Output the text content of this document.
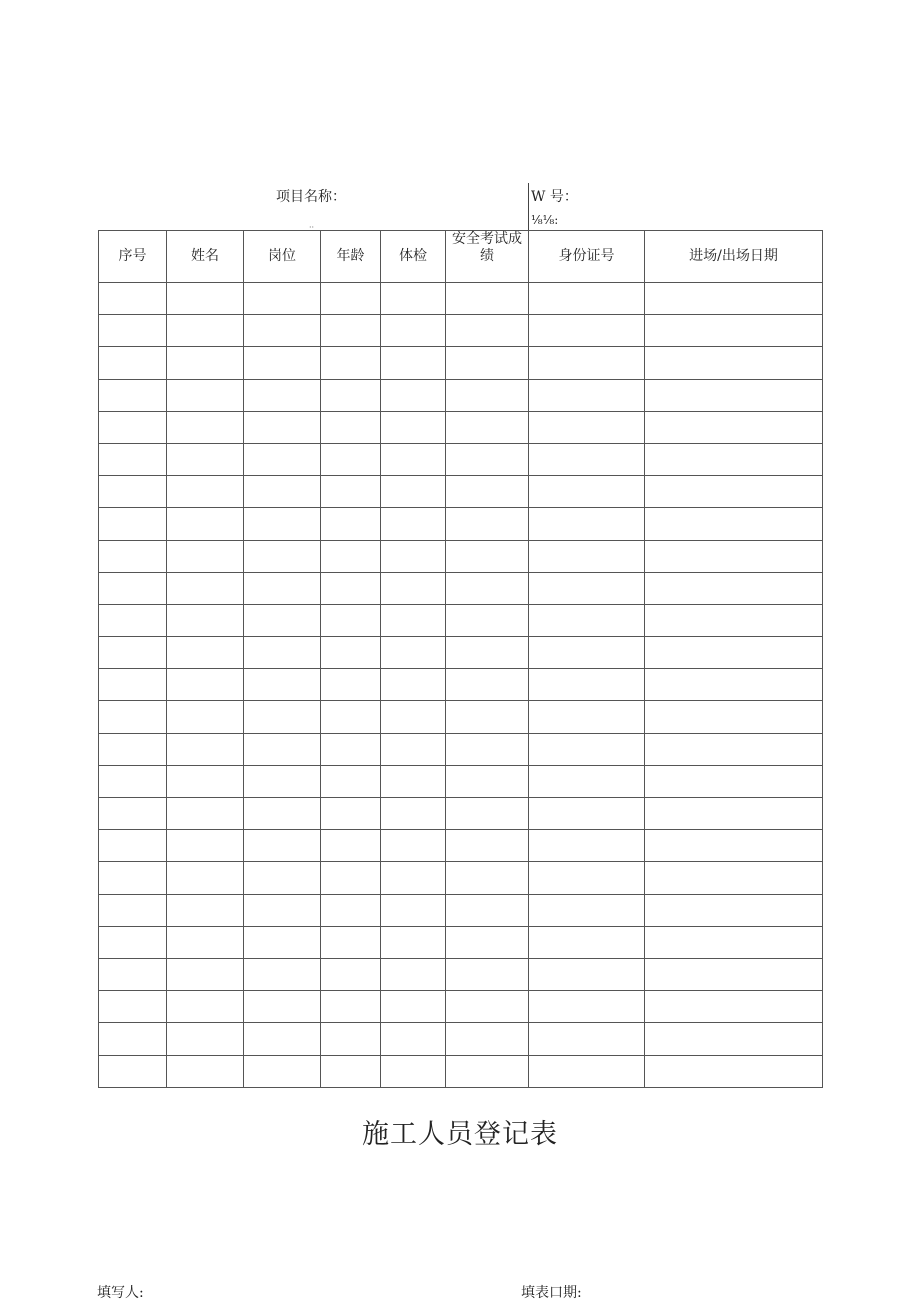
项目名称：	W 号：
⅛⅛:
··
序号	姓名	岗位	年龄	体检	安全考试成绩	身份证号	进场/出场日期

施工人员登记表
填写人:	填表口期:
